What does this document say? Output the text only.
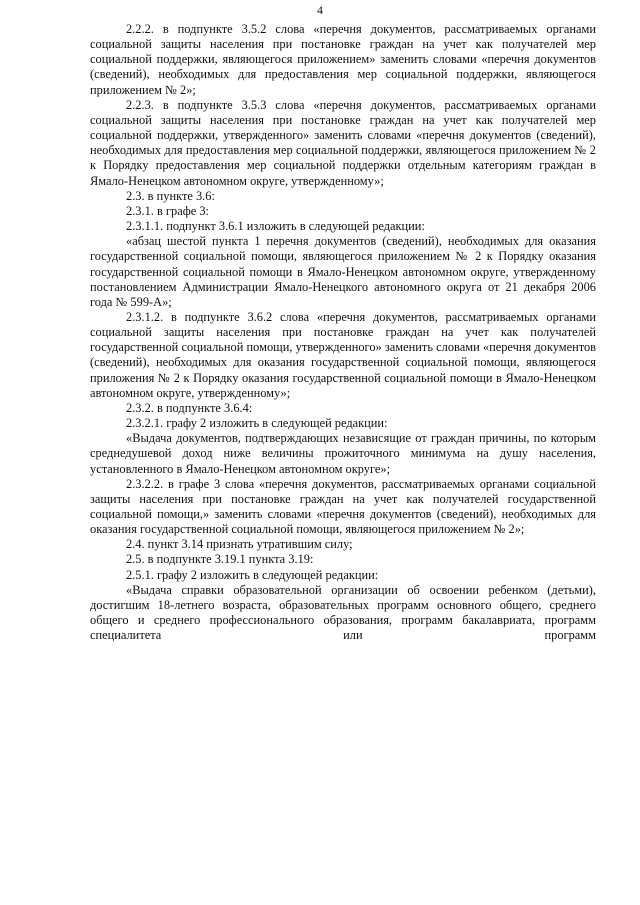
4

2.2.2. в подпункте 3.5.2 слова «перечня документов, рассматриваемых органами социальной защиты населения при постановке граждан на учет как получателей мер социальной поддержки, являющегося приложением» заменить словами «перечня документов (сведений), необходимых для предоставления мер социальной поддержки, являющегося приложением № 2»;

2.2.3. в подпункте 3.5.3 слова «перечня документов, рассматриваемых органами социальной защиты населения при постановке граждан на учет как получателей мер социальной поддержки, утвержденного» заменить словами «перечня документов (сведений), необходимых для предоставления мер социальной поддержки, являющегося приложением № 2 к Порядку предоставления мер социальной поддержки отдельным категориям граждан в Ямало-Ненецком автономном округе, утвержденному»;

2.3. в пункте 3.6:

2.3.1. в графе 3:

2.3.1.1. подпункт 3.6.1 изложить в следующей редакции:

«абзац шестой пункта 1 перечня документов (сведений), необходимых для оказания государственной социальной помощи, являющегося приложением № 2 к Порядку оказания государственной социальной помощи в Ямало-Ненецком автономном округе, утвержденному постановлением Администрации Ямало-Ненецкого автономного округа от 21 декабря 2006 года № 599-А»;

2.3.1.2. в подпункте 3.6.2 слова «перечня документов, рассматриваемых органами социальной защиты населения при постановке граждан на учет как получателей государственной социальной помощи, утвержденного» заменить словами «перечня документов (сведений), необходимых для оказания государственной социальной помощи, являющегося приложения № 2 к Порядку оказания государственной социальной помощи в Ямало-Ненецком автономном округе, утвержденному»;

2.3.2. в подпункте 3.6.4:

2.3.2.1. графу 2 изложить в следующей редакции:

«Выдача документов, подтверждающих независящие от граждан причины, по которым среднедушевой доход ниже величины прожиточного минимума на душу населения, установленного в Ямало-Ненецком автономном округе»;

2.3.2.2. в графе 3 слова «перечня документов, рассматриваемых органами социальной защиты населения при постановке граждан на учет как получателей государственной социальной помощи,» заменить словами «перечня документов (сведений), необходимых для оказания государственной социальной помощи, являющегося приложением № 2»;

2.4. пункт 3.14 признать утратившим силу;

2.5. в подпункте 3.19.1 пункта 3.19:

2.5.1. графу 2 изложить в следующей редакции:

«Выдача справки образовательной организации об освоении ребенком (детьми), достигшим 18-летнего возраста, образовательных программ основного общего, среднего общего и среднего профессионального образования, программ бакалавриата, программ специалитета или программ
